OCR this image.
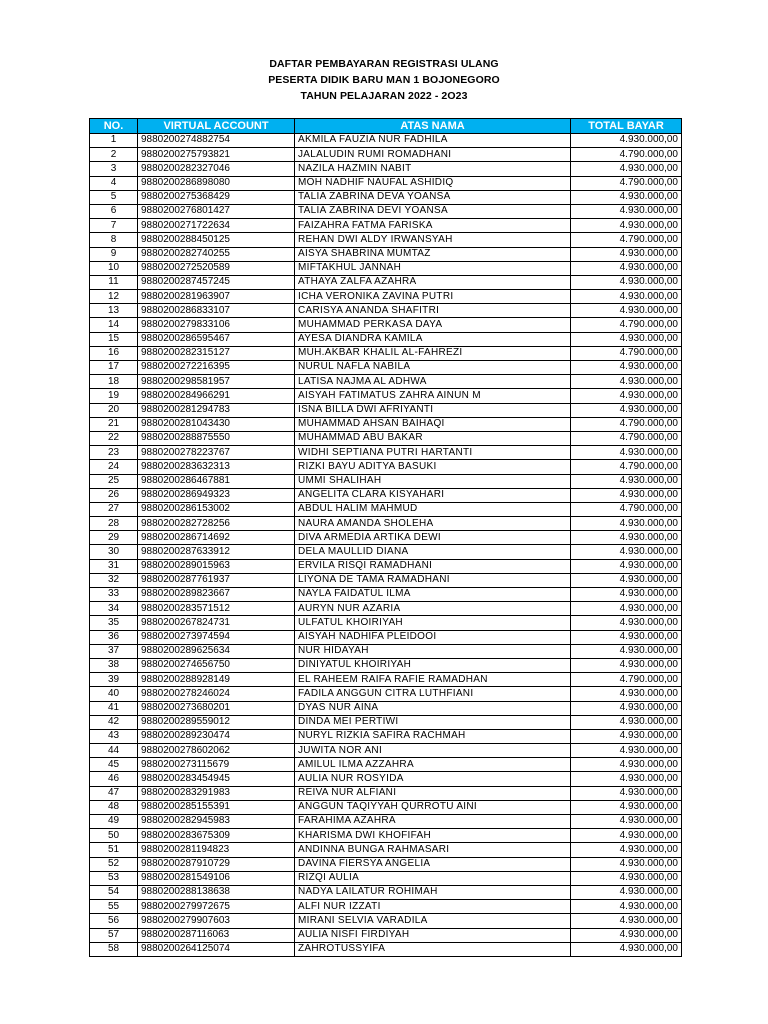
DAFTAR PEMBAYARAN REGISTRASI ULANG
PESERTA DIDIK BARU MAN 1 BOJONEGORO
TAHUN PELAJARAN 2022 - 2O23
NO.	VIRTUAL ACCOUNT	ATAS NAMA	TOTAL BAYAR
1	9880200274882754	AKMILA FAUZIA NUR FADHILA	4.930.000,00
2	9880200275793821	JALALUDIN RUMI ROMADHANI	4.790.000,00
3	9880200282327046	NAZILA HAZMIN NABIT	4.930.000,00
4	9880200286898080	MOH NADHIF NAUFAL ASHIDIQ	4.790.000,00
5	9880200275368429	TALIA ZABRINA DEVA YOANSA	4.930.000,00
6	9880200276801427	TALIA ZABRINA DEVI YOANSA	4.930.000,00
7	9880200271722634	FAIZAHRA FATMA FARISKA	4.930.000,00
8	9880200288450125	REHAN DWI ALDY IRWANSYAH	4.790.000,00
9	9880200282740255	AISYA SHABRINA MUMTAZ	4.930.000,00
10	9880200272520589	MIFTAKHUL JANNAH	4.930.000,00
11	9880200287457245	ATHAYA ZALFA AZAHRA	4.930.000,00
12	9880200281963907	ICHA VERONIKA ZAVINA PUTRI	4.930.000,00
13	9880200286833107	CARISYA ANANDA SHAFITRI	4.930.000,00
14	9880200279833106	MUHAMMAD PERKASA DAYA	4.790.000,00
15	9880200286595467	AYESA DIANDRA KAMILA	4.930.000,00
16	9880200282315127	MUH.AKBAR KHALIL AL-FAHREZI	4.790.000,00
17	9880200272216395	NURUL NAFLA NABILA	4.930.000,00
18	9880200298581957	LATISA NAJMA AL ADHWA	4.930.000,00
19	9880200284966291	AISYAH FATIMATUS ZAHRA AINUN M	4.930.000,00
20	9880200281294783	ISNA BILLA DWI AFRIYANTI	4.930.000,00
21	9880200281043430	MUHAMMAD AHSAN BAIHAQI	4.790.000,00
22	9880200288875550	MUHAMMAD ABU BAKAR	4.790.000,00
23	9880200278223767	WIDHI SEPTIANA PUTRI HARTANTI	4.930.000,00
24	9880200283632313	RIZKI BAYU ADITYA BASUKI	4.790.000,00
25	9880200286467881	UMMI SHALIHAH	4.930.000,00
26	9880200286949323	ANGELITA CLARA KISYAHARI	4.930.000,00
27	9880200286153002	ABDUL HALIM MAHMUD	4.790.000,00
28	9880200282728256	NAURA AMANDA SHOLEHA	4.930.000,00
29	9880200286714692	DIVA ARMEDIA ARTIKA DEWI	4.930.000,00
30	9880200287633912	DELA MAULLID DIANA	4.930.000,00
31	9880200289015963	ERVILA RISQI RAMADHANI	4.930.000,00
32	9880200287761937	LIYONA DE TAMA RAMADHANI	4.930.000,00
33	9880200289823667	NAYLA FAIDATUL ILMA	4.930.000,00
34	9880200283571512	AURYN NUR AZARIA	4.930.000,00
35	9880200267824731	ULFATUL KHOIRIYAH	4.930.000,00
36	9880200273974594	AISYAH NADHIFA PLEIDOOI	4.930.000,00
37	9880200289625634	NUR HIDAYAH	4.930.000,00
38	9880200274656750	DINIYATUL KHOIRIYAH	4.930.000,00
39	9880200288928149	EL RAHEEM RAIFA RAFIE RAMADHAN	4.790.000,00
40	9880200278246024	FADILA ANGGUN CITRA LUTHFIANI	4.930.000,00
41	9880200273680201	DYAS NUR AINA	4.930.000,00
42	9880200289559012	DINDA MEI PERTIWI	4.930.000,00
43	9880200289230474	NURYL RIZKIA SAFIRA RACHMAH	4.930.000,00
44	9880200278602062	JUWITA NOR ANI	4.930.000,00
45	9880200273115679	AMILUL ILMA AZZAHRA	4.930.000,00
46	9880200283454945	AULIA NUR ROSYIDA	4.930.000,00
47	9880200283291983	REIVA NUR ALFIANI	4.930.000,00
48	9880200285155391	ANGGUN TAQIYYAH QURROTU AINI	4.930.000,00
49	9880200282945983	FARAHIMA AZAHRA	4.930.000,00
50	9880200283675309	KHARISMA DWI KHOFIFAH	4.930.000,00
51	9880200281194823	ANDINNA BUNGA RAHMASARI	4.930.000,00
52	9880200287910729	DAVINA FIERSYA ANGELIA	4.930.000,00
53	9880200281549106	RIZQI AULIA	4.930.000,00
54	9880200288138638	NADYA LAILATUR ROHIMAH	4.930.000,00
55	9880200279972675	ALFI NUR IZZATI	4.930.000,00
56	9880200279907603	MIRANI SELVIA VARADILA	4.930.000,00
57	9880200287116063	AULIA NISFI FIRDIYAH	4.930.000,00
58	9880200264125074	ZAHROTUSSYIFA	4.930.000,00
